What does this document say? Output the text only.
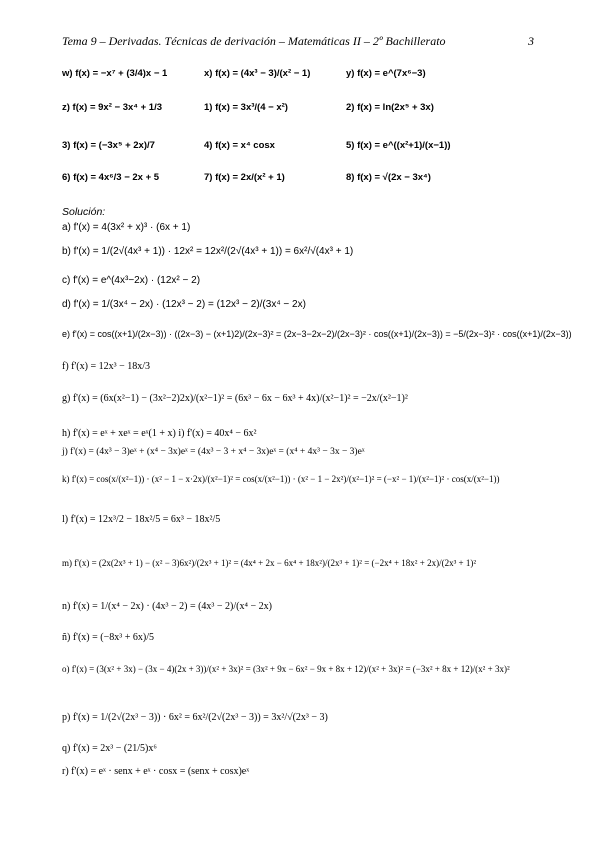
Tema 9 – Derivadas. Técnicas de derivación – Matemáticas II – 2º Bachillerato	3
w) f(x) = −x⁷ + (3/4)x − 1	x) f(x) = (4x³ − 3)/(x² − 1)	y) f(x) = e^(7x⁶−3)
z) f(x) = 9x² − 3x⁴ + 1/3	1) f(x) = 3x³/(4 − x²)	2) f(x) = ln(2x⁵ + 3x)
3) f(x) = (−3x⁵ + 2x)/7	4) f(x) = x⁴ cosx	5) f(x) = e^((x²+1)/(x−1))
6) f(x) = 4x⁶/3 − 2x + 5	7) f(x) = 2x/(x² + 1)	8) f(x) = √(2x − 3x⁴)
Solución:
a) f'(x) = 4(3x² + x)³ · (6x + 1)
b) f'(x) = 1/(2√(4x³ + 1)) · 12x² = 12x²/(2√(4x³ + 1)) = 6x²/√(4x³ + 1)
c) f'(x) = e^(4x³−2x) · (12x² − 2)
d) f'(x) = 1/(3x⁴ − 2x) · (12x³ − 2) = (12x³ − 2)/(3x⁴ − 2x)
e) f'(x) = cos((x+1)/(2x−3)) · ((2x−3) − (x+1)2)/(2x−3)² = (2x−3−2x−2)/(2x−3)² · cos((x+1)/(2x−3)) = −5/(2x−3)² · cos((x+1)/(2x−3))
f) f'(x) = 12x³ − 18x/3
g) f'(x) = (6x(x²−1) − (3x²−2)2x)/(x²−1)² = (6x³ − 6x − 6x³ + 4x)/(x²−1)² = −2x/(x²−1)²
h) f'(x) = eˣ + xeˣ = eˣ(1 + x) i) f'(x) = 40x⁴ − 6x²
j) f'(x) = (4x³ − 3)eˣ + (x⁴ − 3x)eˣ = (4x³ − 3 + x⁴ − 3x)eˣ = (x⁴ + 4x³ − 3x − 3)eˣ
k) f'(x) = cos(x/(x²−1)) · (x² − 1 − x·2x)/(x²−1)² = cos(x/(x²−1)) · (x² − 1 − 2x²)/(x²−1)² = (−x² − 1)/(x²−1)² · cos(x/(x²−1))
l) f'(x) = 12x³/2 − 18x²/5 = 6x³ − 18x²/5
m) f'(x) = (2x(2x³ + 1) − (x² − 3)6x²)/(2x³ + 1)² = (4x⁴ + 2x − 6x⁴ + 18x²)/(2x³ + 1)² = (−2x⁴ + 18x² + 2x)/(2x³ + 1)²
n) f'(x) = 1/(x⁴ − 2x) · (4x³ − 2) = (4x³ − 2)/(x⁴ − 2x)
ñ) f'(x) = (−8x³ + 6x)/5
o) f'(x) = (3(x² + 3x) − (3x − 4)(2x + 3))/(x² + 3x)² = (3x² + 9x − 6x² − 9x + 8x + 12)/(x² + 3x)² = (−3x² + 8x + 12)/(x² + 3x)²
p) f'(x) = 1/(2√(2x³ − 3)) · 6x² = 6x²/(2√(2x³ − 3)) = 3x²/√(2x³ − 3)
q) f'(x) = 2x³ − (21/5)x⁶
r) f'(x) = eˣ · senx + eˣ · cosx = (senx + cosx)eˣ
